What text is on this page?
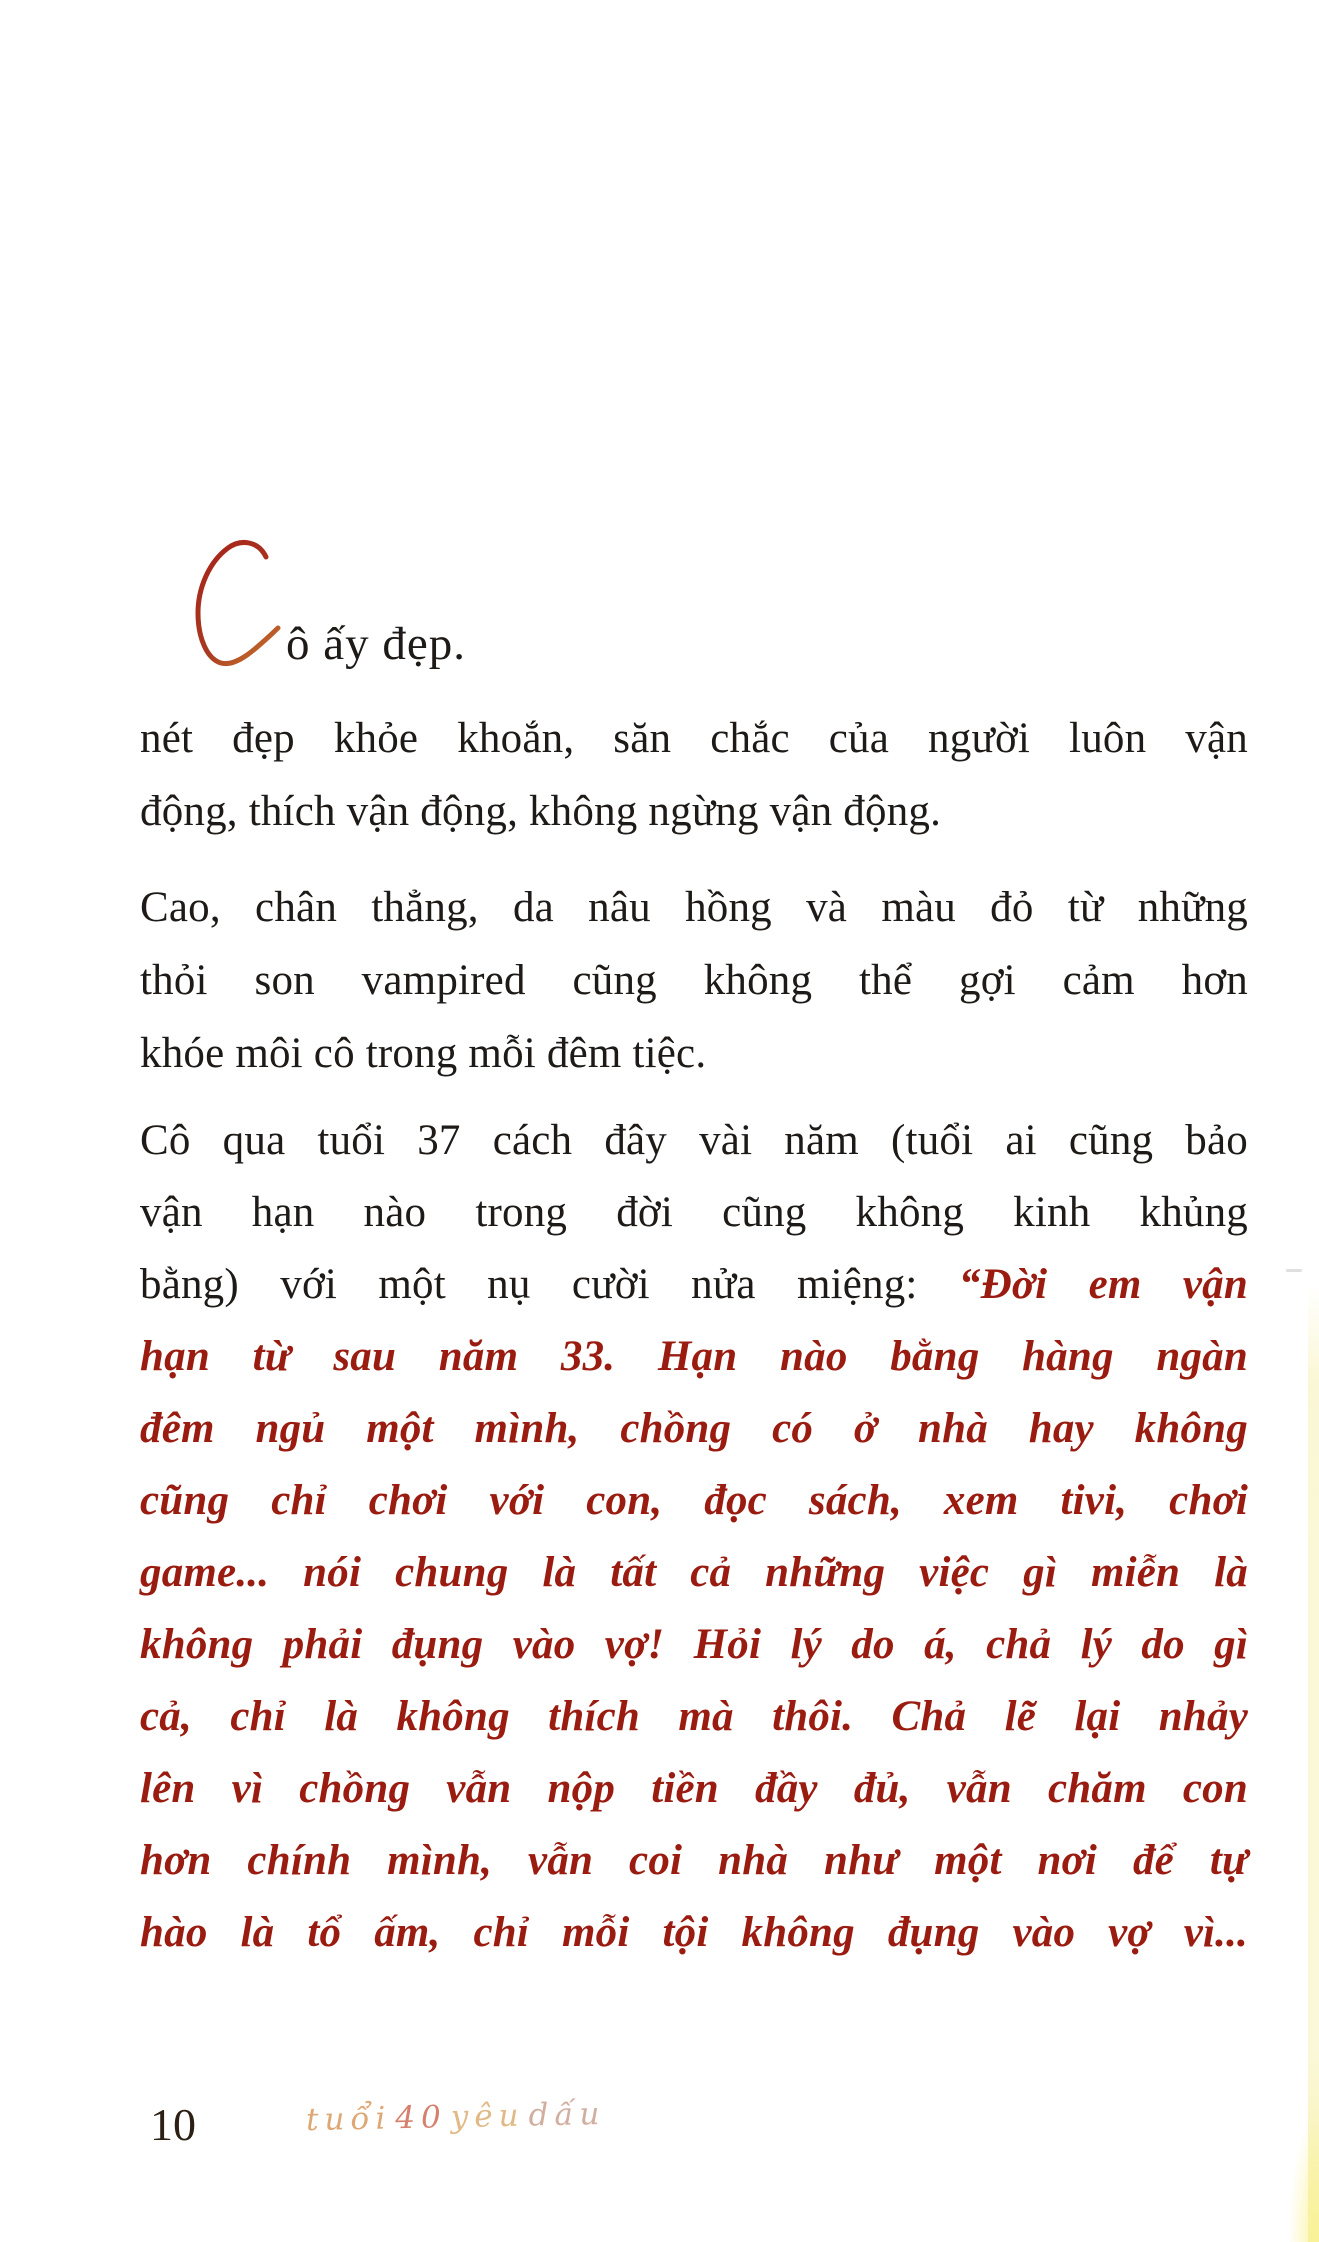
ô ấy đẹp.
nét đẹp khỏe khoắn, săn chắc của người luôn vận
động, thích vận động, không ngừng vận động.
Cao, chân thẳng, da nâu hồng và màu đỏ từ những
thỏi son vampired cũng không thể gợi cảm hơn
khóe môi cô trong mỗi đêm tiệc.
Cô qua tuổi 37 cách đây vài năm (tuổi ai cũng bảo
vận hạn nào trong đời cũng không kinh khủng
bằng) với một nụ cười nửa miệng: “Đời em vận
hạn từ sau năm 33. Hạn nào bằng hàng ngàn
đêm ngủ một mình, chồng có ở nhà hay không
cũng chỉ chơi với con, đọc sách, xem tivi, chơi
game... nói chung là tất cả những việc gì miễn là
không phải đụng vào vợ! Hỏi lý do á, chả lý do gì
cả, chỉ là không thích mà thôi. Chả lẽ lại nhảy
lên vì chồng vẫn nộp tiền đầy đủ, vẫn chăm con
hơn chính mình, vẫn coi nhà như một nơi để tự
hào là tổ ấm, chỉ mỗi tội không đụng vào vợ vì...
10	tuổi 40 yêu dấu
